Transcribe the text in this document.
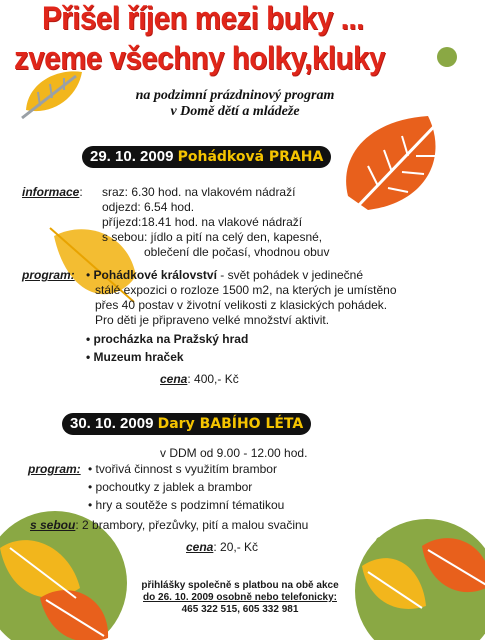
Přišel říjen mezi buky ...
zveme všechny holky,kluky
na podzimní prázdninový program
v Domě dětí a mládeže
29. 10. 2009 Pohádková PRAHA
informace: sraz: 6.30 hod. na vlakovém nádraží
odjezd: 6.54 hod.
příjezd:18.41 hod. na vlakové nádraží
s sebou: jídlo a pití na celý den, kapesné,
oblečení dle počasí, vhodnou obuv
program: • Pohádkové království - svět pohádek v jedinečné
stálé expozici o rozloze 1500 m2, na kterých je umístěno
přes 40 postav v životní velikosti z klasických pohádek.
Pro děti je připraveno velké množství aktivit.
• procházka na Pražský hrad
• Muzeum hraček
cena: 400,- Kč
30. 10. 2009 Dary BABÍHO LÉTA
v DDM od 9.00 - 12.00 hod.
program: • tvořivá činnost s využitím brambor
• pochoutky z jablek a brambor
• hry a soutěže s podzimní tématikou
s sebou: 2 brambory, přezůvky, pití a malou svačinu
cena: 20,- Kč
přihlášky společně s platbou na obě akce
do 26. 10. 2009 osobně nebo telefonicky:
465 322 515, 605 332 981
